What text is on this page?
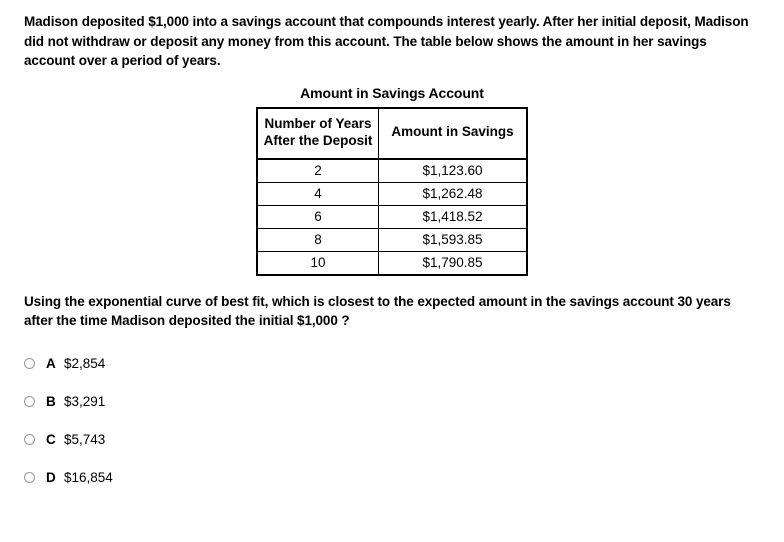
Madison deposited $1,000 into a savings account that compounds interest yearly. After her initial deposit, Madison did not withdraw or deposit any money from this account. The table below shows the amount in her savings account over a period of years.

Amount in Savings Account
Number of Years After the Deposit	Amount in Savings
2	$1,123.60
4	$1,262.48
6	$1,418.52
8	$1,593.85
10	$1,790.85

Using the exponential curve of best fit, which is closest to the expected amount in the savings account 30 years after the time Madison deposited the initial $1,000 ?

A $2,854
B $3,291
C $5,743
D $16,854
